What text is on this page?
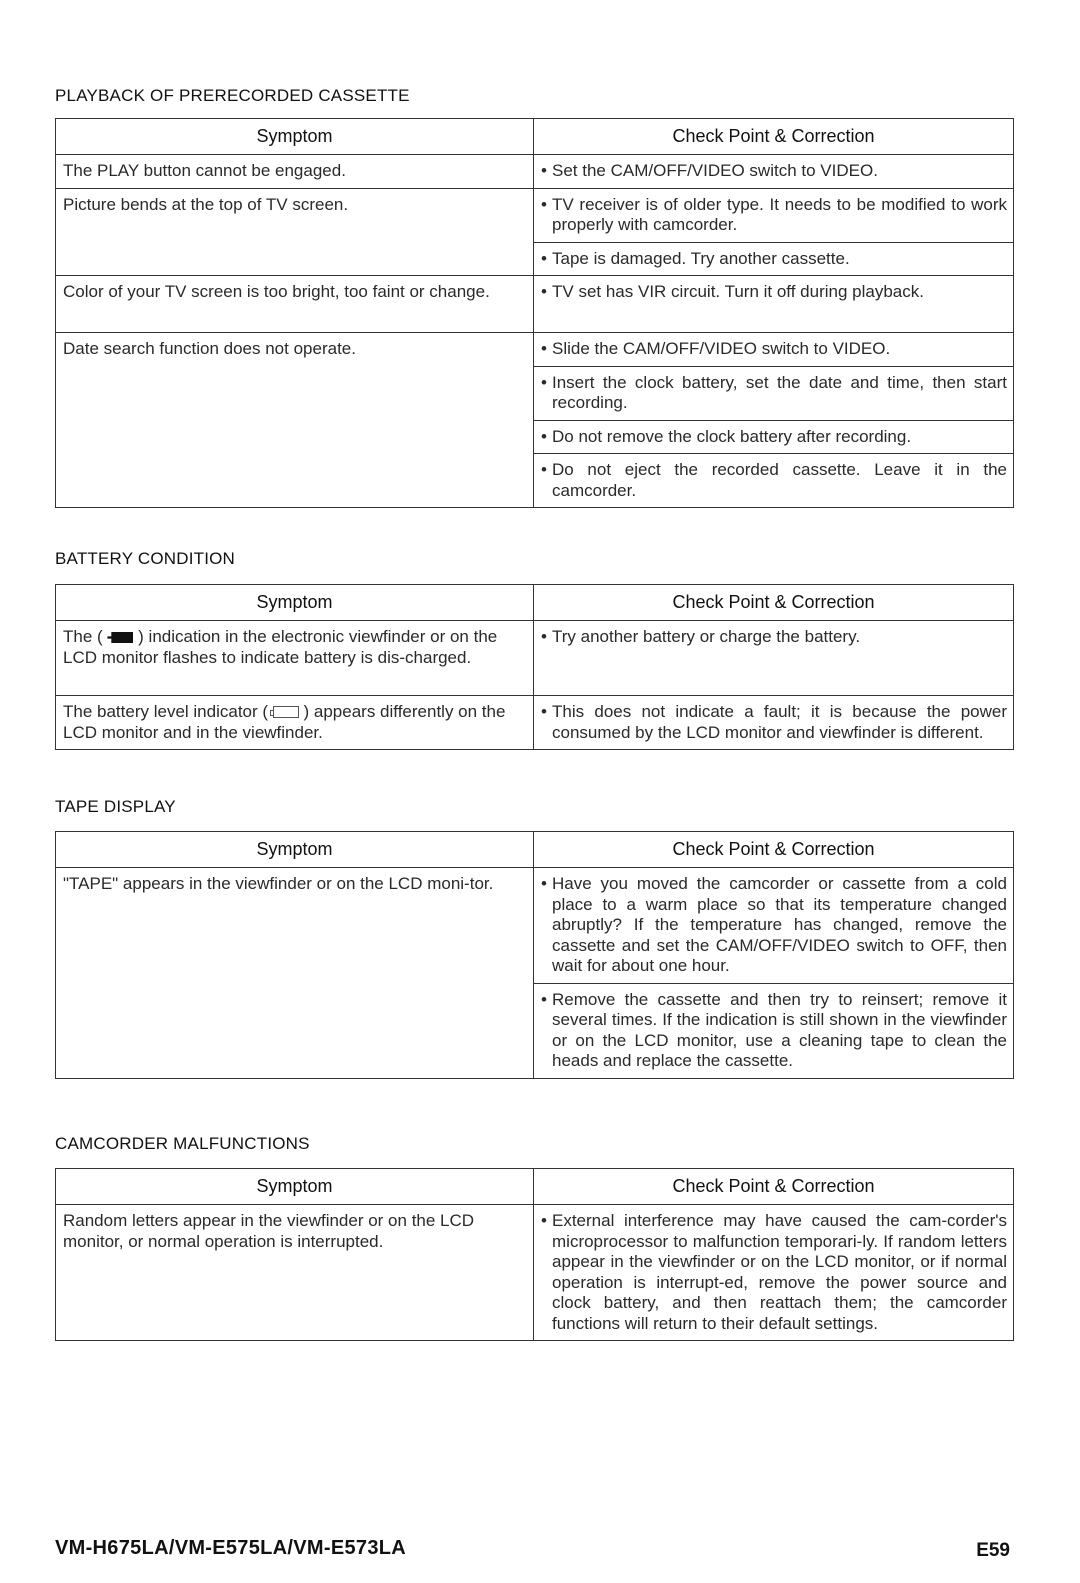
PLAYBACK OF PRERECORDED CASSETTE
Symptom	Check Point & Correction
The PLAY button cannot be engaged.	• Set the CAM/OFF/VIDEO switch to VIDEO.

Picture bends at the top of TV screen.	• TV receiver is of older type. It needs to be modified to work properly with camcorder.

	• Tape is damaged. Try another cassette.

Color of your TV screen is too bright, too faint or change.	• TV set has VIR circuit. Turn it off during playback.

Date search function does not operate.	• Slide the CAM/OFF/VIDEO switch to VIDEO.

	• Insert the clock battery, set the date and time, then start recording.

	• Do not remove the clock battery after recording.

	• Do not eject the recorded cassette. Leave it in the camcorder.
BATTERY CONDITION
Symptom	Check Point & Correction
The ( ) indication in the electronic viewfinder or on the LCD monitor flashes to indicate battery is dis-charged.	• Try another battery or charge the battery.

The battery level indicator ( ) appears differently on the LCD monitor and in the viewfinder.	• This does not indicate a fault; it is because the power consumed by the LCD monitor and viewfinder is different.
TAPE DISPLAY
Symptom	Check Point & Correction
"TAPE" appears in the viewfinder or on the LCD moni-tor.	• Have you moved the camcorder or cassette from a cold place to a warm place so that its temperature changed abruptly? If the temperature has changed, remove the cassette and set the CAM/OFF/VIDEO switch to OFF, then wait for about one hour.

	• Remove the cassette and then try to reinsert; remove it several times. If the indication is still shown in the viewfinder or on the LCD monitor, use a cleaning tape to clean the heads and replace the cassette.
CAMCORDER MALFUNCTIONS
Symptom	Check Point & Correction
Random letters appear in the viewfinder or on the LCD monitor, or normal operation is interrupted.	• External interference may have caused the cam-corder's microprocessor to malfunction temporari-ly. If random letters appear in the viewfinder or on the LCD monitor, or if normal operation is interrupt-ed, remove the power source and clock battery, and then reattach them; the camcorder functions will return to their default settings.
VM-H675LA/VM-E575LA/VM-E573LA	E59
